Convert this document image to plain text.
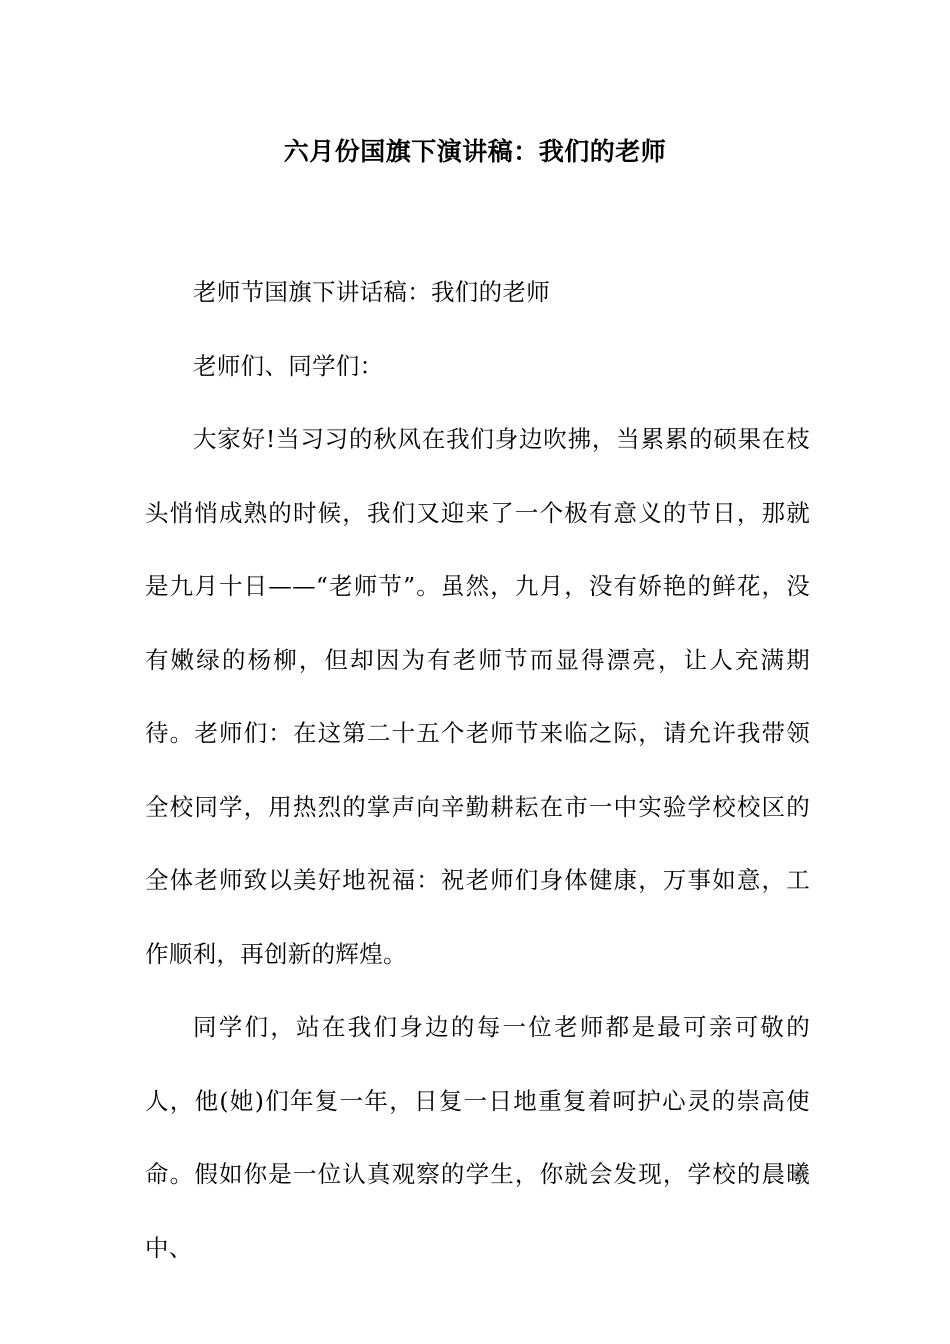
六月份国旗下演讲稿：我们的老师

老师节国旗下讲话稿：我们的老师

老师们、同学们：

大家好!当习习的秋风在我们身边吹拂，当累累的硕果在枝头悄悄成熟的时候，我们又迎来了一个极有意义的节日，那就是九月十日——“老师节”。虽然，九月，没有娇艳的鲜花，没有嫩绿的杨柳，但却因为有老师节而显得漂亮，让人充满期待。老师们：在这第二十五个老师节来临之际，请允许我带领全校同学，用热烈的掌声向辛勤耕耘在市一中实验学校校区的全体老师致以美好地祝福：祝老师们身体健康，万事如意，工作顺利，再创新的辉煌。

同学们，站在我们身边的每一位老师都是最可亲可敬的人，他(她)们年复一年，日复一日地重复着呵护心灵的崇高使命。假如你是一位认真观察的学生，你就会发现，学校的晨曦中、
